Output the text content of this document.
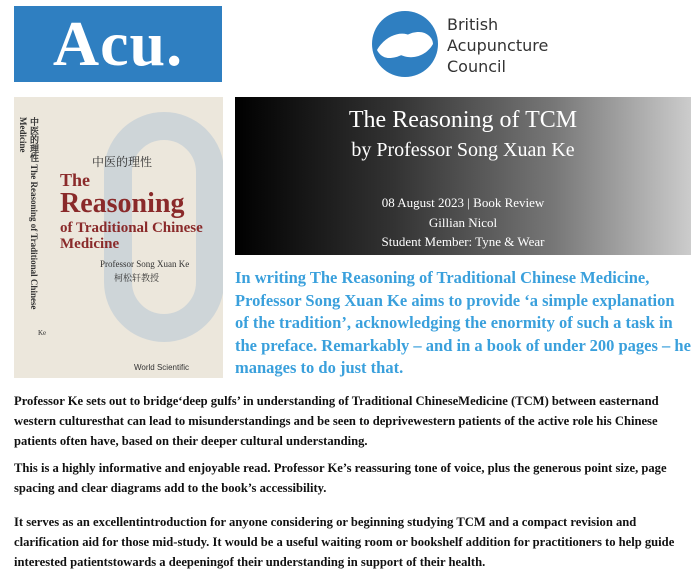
Acu.	British
Acupuncture
Council
中医的理性 The Reasoning of Traditional Chinese Medicine
中医的理性
The
Reasoning
of Traditional Chinese Medicine
Professor Song Xuan Ke
柯松轩教授
Ke
World Scientific
The Reasoning of TCM
by Professor Song Xuan Ke
08 August 2023 | Book Review
Gillian Nicol
Student Member: Tyne & Wear
In writing The Reasoning of Traditional Chinese Medicine, Professor Song Xuan Ke aims to provide ‘a simple explanation of the tradition’, acknowledging the enormity of such a task in the preface. Remarkably – and in a book of under 200 pages – he manages to do just that.

Professor Ke sets out to bridge‘deep gulfs’ in understanding of Traditional ChineseMedicine (TCM) between easternand western culturesthat can lead to misunderstandings and be seen to deprivewestern patients of the active role his Chinese patients often have, based on their deeper cultural understanding.

This is a highly informative and enjoyable read. Professor Ke’s reassuring tone of voice, plus the generous point size, page spacing and clear diagrams add to the book’s accessibility.

It serves as an excellentintroduction for anyone considering or beginning studying TCM and a compact revision and clarification aid for those mid-study. It would be a useful waiting room or bookshelf addition for practitioners to help guide interested patientstowards a deepeningof their understanding in support of their health.
